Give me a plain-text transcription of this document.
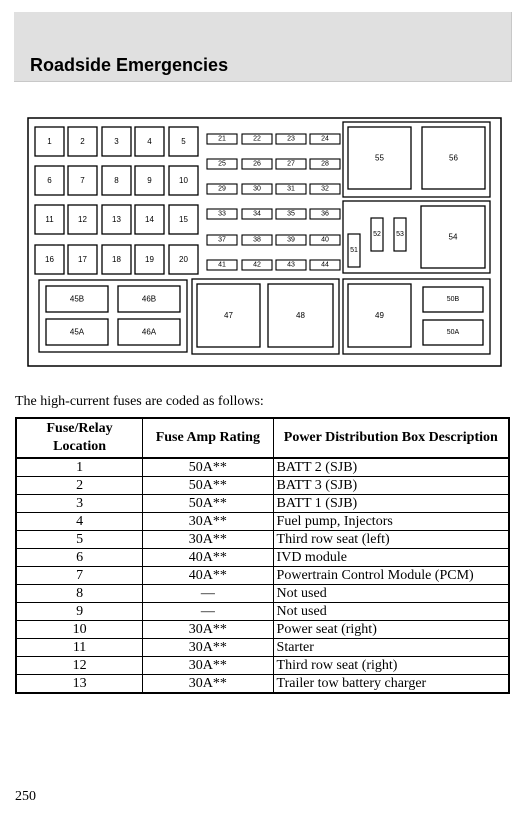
Roadside Emergencies
1	2	3	4	5
6	7	8	9	10
11	12	13	14	15
16	17	18	19	20
21	22	23	24
25	26	27	28
29	30	31	32
33	34	35	36
37	38	39	40
41	42	43	44
55	56
51
52 53	54
45B	46B
45A	46A
47	48	49
50B
50A
The high-current fuses are coded as follows:
Fuse/Relay Location	Fuse Amp Rating	Power Distribution Box Description
1	50A**	BATT 2 (SJB)
2	50A**	BATT 3 (SJB)
3	50A**	BATT 1 (SJB)
4	30A**	Fuel pump, Injectors
5	30A**	Third row seat (left)
6	40A**	IVD module
7	40A**	Powertrain Control Module (PCM)
8	—	Not used
9	—	Not used
10	30A**	Power seat (right)
11	30A**	Starter
12	30A**	Third row seat (right)
13	30A**	Trailer tow battery charger
250
